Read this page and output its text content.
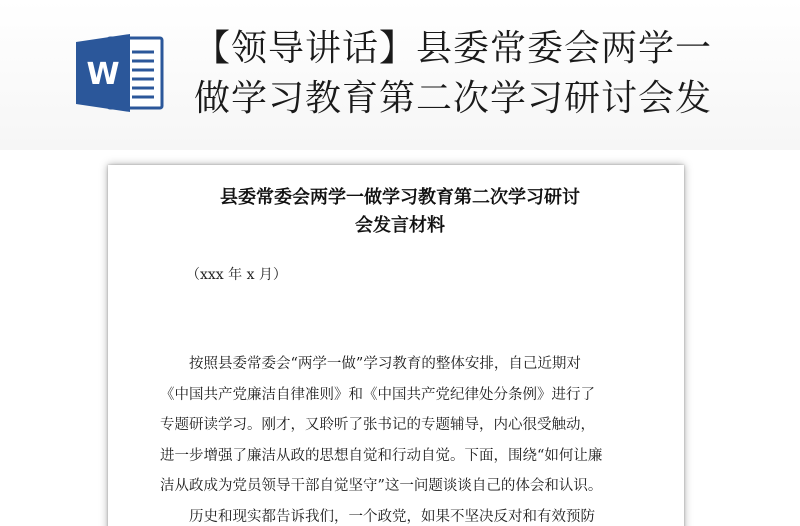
W
【领导讲话】县委常委会两学一
做学习教育第二次学习研讨会发
县委常委会两学一做学习教育第二次学习研讨
会发言材料
（xxx 年 x 月）
按照县委常委会“两学一做”学习教育的整体安排，自己近期对
《中国共产党廉洁自律准则》和《中国共产党纪律处分条例》进行了
专题研读学习。刚才，又聆听了张书记的专题辅导，内心很受触动，
进一步增强了廉洁从政的思想自觉和行动自觉。下面，围绕“如何让廉
洁从政成为党员领导干部自觉坚守”这一问题谈谈自己的体会和认识。
历史和现实都告诉我们，一个政党，如果不坚决反对和有效预防
